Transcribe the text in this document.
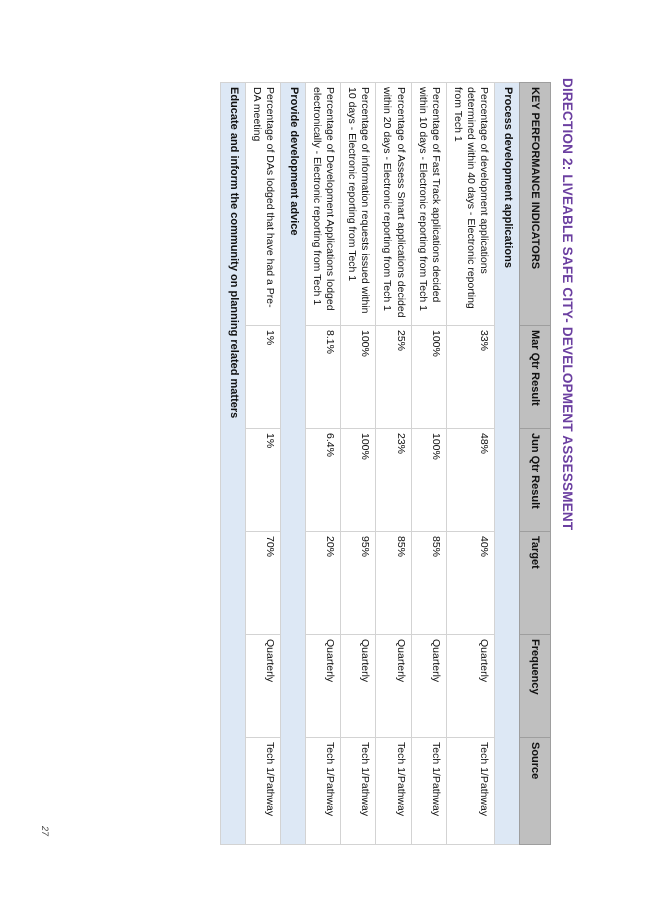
DIRECTION 2: LIVEABLE SAFE CITY- DEVELOPMENT ASSESSMENT
KEY PERFORMANCE INDICATORS	Mar Qtr Result	Jun Qtr Result	Target	Frequency	Source
Process development applications					
Percentage of development applications determined within 40 days - Electronic reporting from Tech 1	33%	48%	40%	Quarterly	Tech 1/Pathway
Percentage of Fast Track applications decided within 10 days - Electronic reporting from Tech 1	100%	100%	85%	Quarterly	Tech 1/Pathway
Percentage of Assess Smart applications decided within 20 days - Electronic reporting from Tech 1	25%	23%	85%	Quarterly	Tech 1/Pathway
Percentage of information requests issued within 10 days - Electronic reporting from Tech 1	100%	100%	95%	Quarterly	Tech 1/Pathway
Percentage of Development Applications lodged electronically - Electronic reporting from Tech 1	8.1%	6.4%	20%	Quarterly	Tech 1/Pathway
Provide development advice					
Percentage of DAs lodged that have had a Pre-DA meeting	1%	1%	70%	Quarterly	Tech 1/Pathway
Educate and inform the community on planning related matters					
27
